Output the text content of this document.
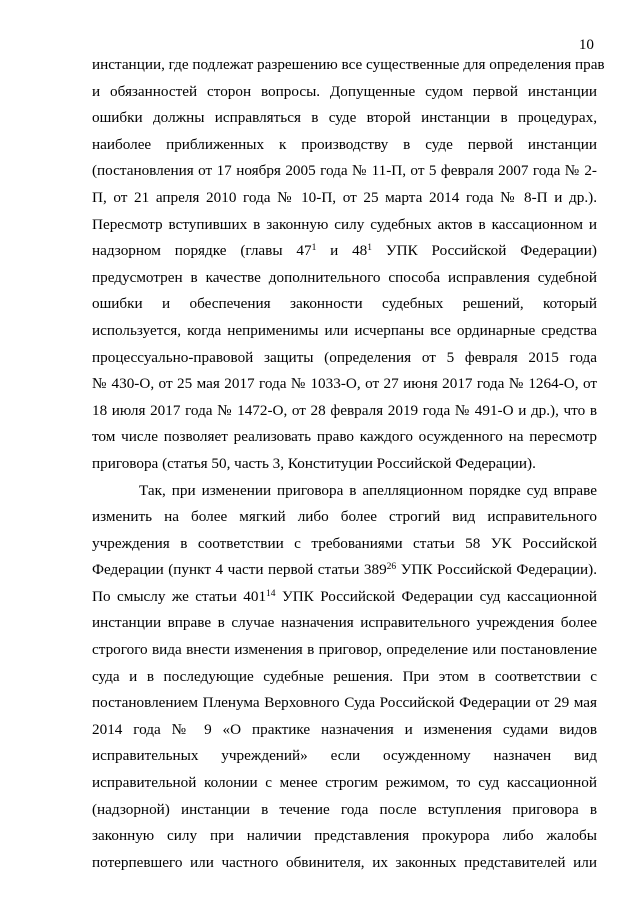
10
инстанции, где подлежат разрешению все существенные для определения прав
и обязанностей сторон вопросы. Допущенные судом первой инстанции
ошибки должны исправляться в суде второй инстанции в процедурах,
наиболее приближенных к производству в суде первой инстанции
(постановления от 17 ноября 2005 года № 11-П, от 5 февраля 2007 года № 2-
П, от 21 апреля 2010 года № 10-П, от 25 марта 2014 года № 8-П и др.).
Пересмотр вступивших в законную силу судебных актов в кассационном и
надзорном порядке (главы $47^1$ и $48^1$ УПК Российской Федерации)
предусмотрен в качестве дополнительного способа исправления судебной
ошибки и обеспечения законности судебных решений, который
используется, когда неприменимы или исчерпаны все ординарные средства
процессуально-правовой защиты (определения от 5 февраля 2015 года
№ 430-О, от 25 мая 2017 года № 1033-О, от 27 июня 2017 года № 1264-О, от
18 июля 2017 года № 1472-О, от 28 февраля 2019 года № 491-О и др.), что в
том числе позволяет реализовать право каждого осужденного на пересмотр
приговора (статья 50, часть 3, Конституции Российской Федерации).
Так, при изменении приговора в апелляционном порядке суд вправе
изменить на более мягкий либо более строгий вид исправительного
учреждения в соответствии с требованиями статьи 58 УК Российской
Федерации (пункт 4 части первой статьи $389^{26}$ УПК Российской Федерации).
По смыслу же статьи $401^{14}$ УПК Российской Федерации суд кассационной
инстанции вправе в случае назначения исправительного учреждения более
строгого вида внести изменения в приговор, определение или постановление
суда и в последующие судебные решения. При этом в соответствии с
постановлением Пленума Верховного Суда Российской Федерации от 29 мая
2014 года № 9 «О практике назначения и изменения судами видов
исправительных учреждений» если осужденному назначен вид
исправительной колонии с менее строгим режимом, то суд кассационной
(надзорной) инстанции в течение года после вступления приговора в
законную силу при наличии представления прокурора либо жалобы
потерпевшего или частного обвинителя, их законных представителей или
